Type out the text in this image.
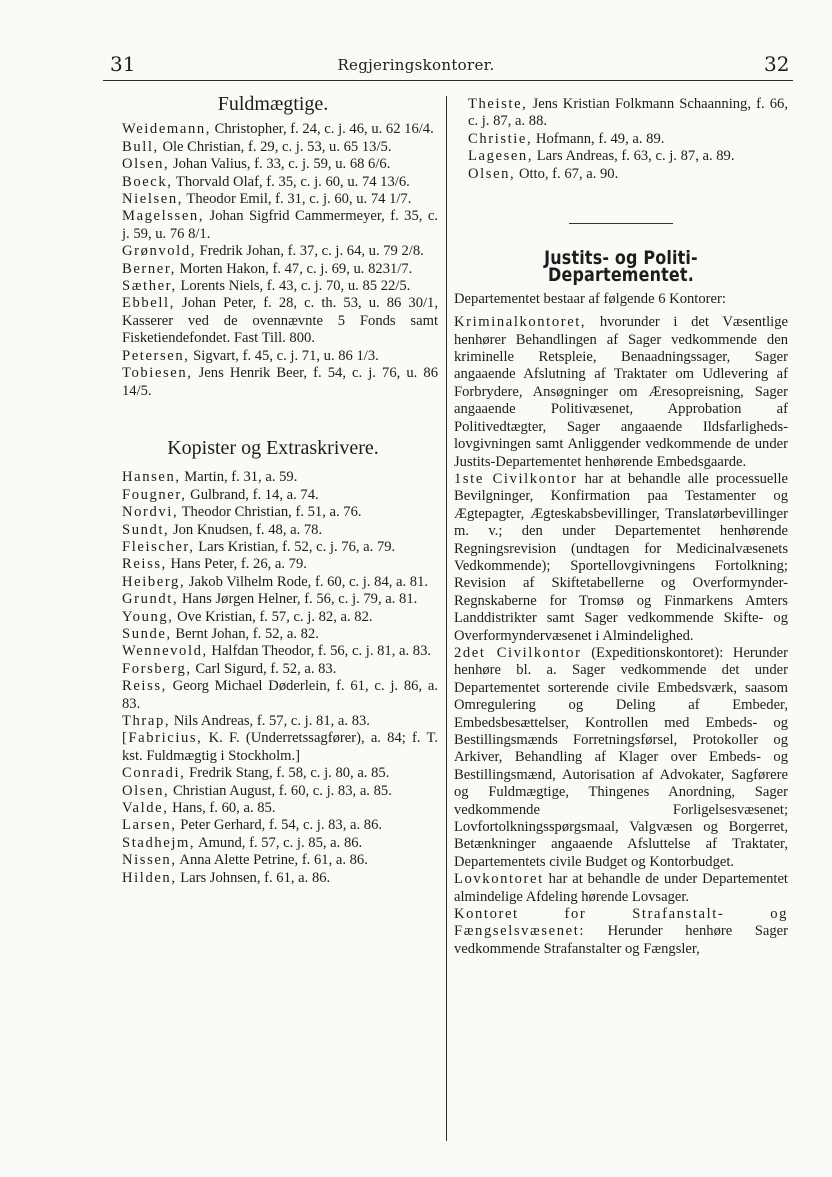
31	Regjeringskontorer.	32
Fuldmægtige.

Weidemann, Christopher, f. 24, c. j. 46, u. 62 16/4.

Bull, Ole Christian, f. 29, c. j. 53, u. 65 13/5.

Olsen, Johan Valius, f. 33, c. j. 59, u. 68 6/6.

Boeck, Thorvald Olaf, f. 35, c. j. 60, u. 74 13/6.

Nielsen, Theodor Emil, f. 31, c. j. 60, u. 74 1/7.

Magelssen, Johan Sigfrid Cammermeyer, f. 35, c. j. 59, u. 76 8/1.

Grønvold, Fredrik Johan, f. 37, c. j. 64, u. 79 2/8.

Berner, Morten Hakon, f. 47, c. j. 69, u. 8231/7.

Sæther, Lorents Niels, f. 43, c. j. 70, u. 85 22/5.

Ebbell, Johan Peter, f. 28, c. th. 53, u. 86 30/1, Kasserer ved de ovennævnte 5 Fonds samt Fisketiendefondet. Fast Till. 800.

Petersen, Sigvart, f. 45, c. j. 71, u. 86 1/3.

Tobiesen, Jens Henrik Beer, f. 54, c. j. 76, u. 86 14/5.

Kopister og Extraskrivere.

Hansen, Martin, f. 31, a. 59.

Fougner, Gulbrand, f. 14, a. 74.

Nordvi, Theodor Christian, f. 51, a. 76.

Sundt, Jon Knudsen, f. 48, a. 78.

Fleischer, Lars Kristian, f. 52, c. j. 76, a. 79.

Reiss, Hans Peter, f. 26, a. 79.

Heiberg, Jakob Vilhelm Rode, f. 60, c. j. 84, a. 81.

Grundt, Hans Jørgen Helner, f. 56, c. j. 79, a. 81.

Young, Ove Kristian, f. 57, c. j. 82, a. 82.

Sunde, Bernt Johan, f. 52, a. 82.

Wennevold, Halfdan Theodor, f. 56, c. j. 81, a. 83.

Forsberg, Carl Sigurd, f. 52, a. 83.

Reiss, Georg Michael Døderlein, f. 61, c. j. 86, a. 83.

Thrap, Nils Andreas, f. 57, c. j. 81, a. 83.

[Fabricius, K. F. (Underretssagfører), a. 84; f. T. kst. Fuldmægtig i Stockholm.]

Conradi, Fredrik Stang, f. 58, c. j. 80, a. 85.

Olsen, Christian August, f. 60, c. j. 83, a. 85.

Valde, Hans, f. 60, a. 85.

Larsen, Peter Gerhard, f. 54, c. j. 83, a. 86.

Stadhejm, Amund, f. 57, c. j. 85, a. 86.

Nissen, Anna Alette Petrine, f. 61, a. 86.

Hilden, Lars Johnsen, f. 61, a. 86.

Theiste, Jens Kristian Folkmann Schaanning, f. 66, c. j. 87, a. 88.

Christie, Hofmann, f. 49, a. 89.

Lagesen, Lars Andreas, f. 63, c. j. 87, a. 89.

Olsen, Otto, f. 67, a. 90.

Justits- og Politi-Departementet.

Departementet bestaar af følgende 6 Kontorer:

Kriminalkontoret, hvorunder i det Væsentlige henhører Behandlingen af Sager vedkommende den kriminelle Retspleie, Benaadningssager, Sager angaaende Afslutning af Traktater om Udlevering af Forbrydere, Ansøgninger om Æresopreisning, Sager angaaende Politivæsenet, Approbation af Politivedtægter, Sager angaaende Ildsfarligheds-lovgivningen samt Anliggender vedkommende de under Justits-Departementet henhørende Embedsgaarde.

1ste Civilkontor har at behandle alle processuelle Bevilgninger, Konfirmation paa Testamenter og Ægtepagter, Ægteskabsbevillinger, Translatørbevillinger m. v.; den under Departementet henhørende Regningsrevision (undtagen for Medicinalvæsenets Vedkommende); Sportellovgivningens Fortolkning; Revision af Skiftetabellerne og Overformynder-Regnskaberne for Tromsø og Finmarkens Amters Landdistrikter samt Sager vedkommende Skifte- og Overformyndervæsenet i Almindelighed.

2det Civilkontor (Expeditionskontoret): Herunder henhøre bl. a. Sager vedkommende det under Departementet sorterende civile Embedsværk, saasom Omregulering og Deling af Embeder, Embedsbesættelser, Kontrollen med Embeds- og Bestillingsmænds Forretningsførsel, Protokoller og Arkiver, Behandling af Klager over Embeds- og Bestillingsmænd, Autorisation af Advokater, Sagførere og Fuldmægtige, Thingenes Anordning, Sager vedkommende Forligelsesvæsenet; Lovfortolkningsspørgsmaal, Valgvæsen og Borgerret, Betænkninger angaaende Afsluttelse af Traktater, Departementets civile Budget og Kontorbudget.

Lovkontoret har at behandle de under Departementet almindelige Afdeling hørende Lovsager.

Kontoret for Strafanstalt- og Fængselsvæsenet: Herunder henhøre Sager vedkommende Strafanstalter og Fængsler,
